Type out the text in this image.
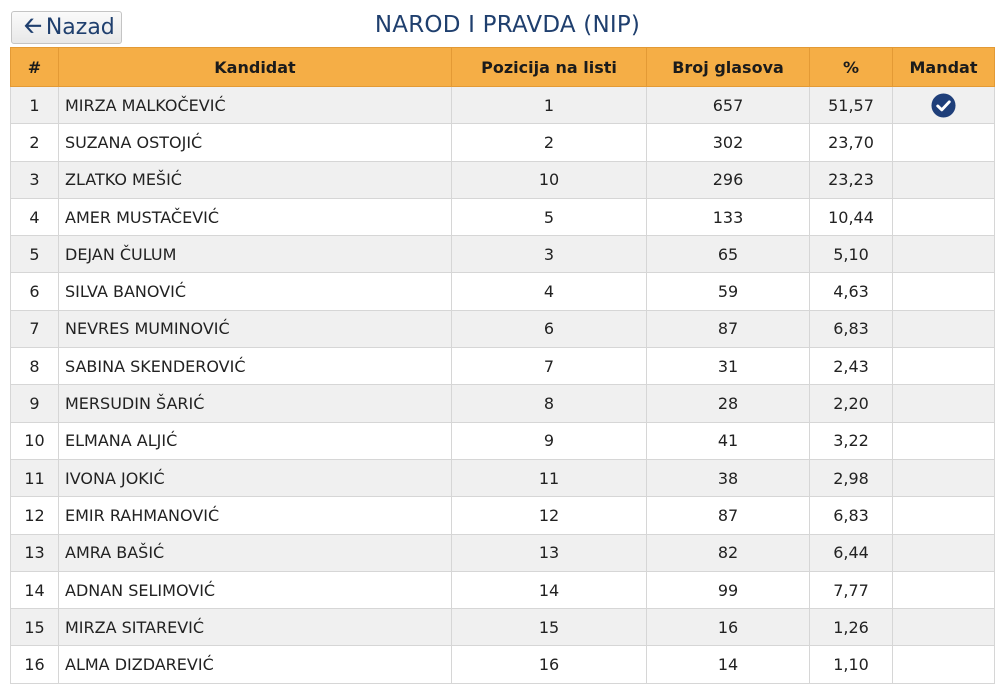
🡠 Nazad	NAROD I PRAVDA (NIP)
#	Kandidat	Pozicija na listi	Broj glasova	%	Mandat
1	MIRZA MALKOČEVIĆ	1	657	51,57	
2	SUZANA OSTOJIĆ	2	302	23,70	
3	ZLATKO MEŠIĆ	10	296	23,23	
4	AMER MUSTAČEVIĆ	5	133	10,44	
5	DEJAN ČULUM	3	65	5,10	
6	SILVA BANOVIĆ	4	59	4,63	
7	NEVRES MUMINOVIĆ	6	87	6,83	
8	SABINA SKENDEROVIĆ	7	31	2,43	
9	MERSUDIN ŠARIĆ	8	28	2,20	
10	ELMANA ALJIĆ	9	41	3,22	
11	IVONA JOKIĆ	11	38	2,98	
12	EMIR RAHMANOVIĆ	12	87	6,83	
13	AMRA BAŠIĆ	13	82	6,44	
14	ADNAN SELIMOVIĆ	14	99	7,77	
15	MIRZA SITAREVIĆ	15	16	1,26	
16	ALMA DIZDAREVIĆ	16	14	1,10	
